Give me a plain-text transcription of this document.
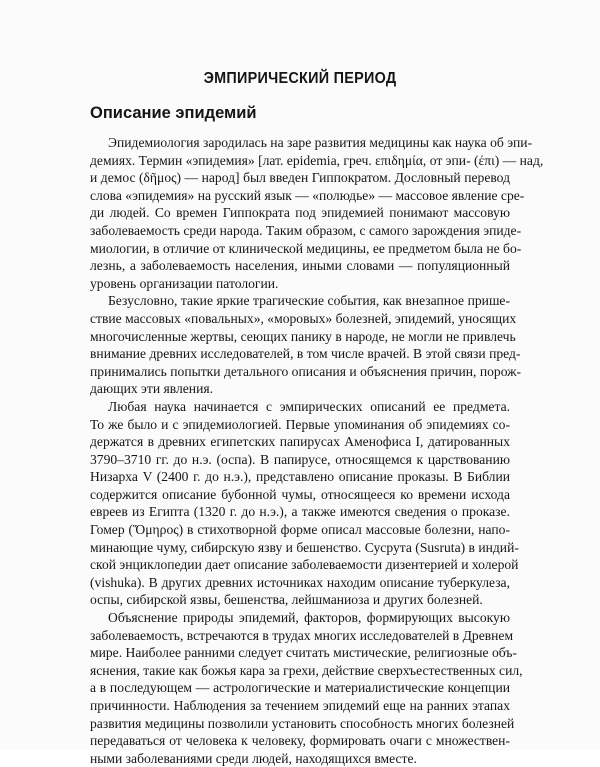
ЭМПИРИЧЕСКИЙ ПЕРИОД
Описание эпидемий
Эпидемиология зародилась на заре развития медицины как наука об эпи-
демиях. Термин «эпидемия» [лат. epidemia, греч. επιδημία, от эпи- (έπι) — над,
и демос (δῆμος) — народ] был введен Гиппократом. Дословный перевод
слова «эпидемия» на русский язык — «полюдье» — массовое явление сре-
ди людей. Со времен Гиппократа под эпидемией понимают массовую
заболеваемость среди народа. Таким образом, с самого зарождения эпиде-
миологии, в отличие от клинической медицины, ее предметом была не бо-
лезнь, а заболеваемость населения, иными словами — популяционный
уровень организации патологии.
Безусловно, такие яркие трагические события, как внезапное прише-
ствие массовых «повальных», «моровых» болезней, эпидемий, уносящих
многочисленные жертвы, сеющих панику в народе, не могли не привлечь
внимание древних исследователей, в том числе врачей. В этой связи пред-
принимались попытки детального описания и объяснения причин, порож-
дающих эти явления.
Любая наука начинается с эмпирических описаний ее предмета.
То же было и с эпидемиологией. Первые упоминания об эпидемиях со-
держатся в древних египетских папирусах Аменофиса I, датированных
3790–3710 гг. до н.э. (оспа). В папирусе, относящемся к царствованию
Низарха V (2400 г. до н.э.), представлено описание проказы. В Библии
содержится описание бубонной чумы, относящееся ко времени исхода
евреев из Египта (1320 г. до н.э.), а также имеются сведения о проказе.
Гомер (Ὅμηρος) в стихотворной форме описал массовые болезни, напо-
минающие чуму, сибирскую язву и бешенство. Сусрута (Susruta) в индий-
ской энциклопедии дает описание заболеваемости дизентерией и холерой
(vishuka). В других древних источниках находим описание туберкулеза,
оспы, сибирской язвы, бешенства, лейшманиоза и других болезней.
Объяснение природы эпидемий, факторов, формирующих высокую
заболеваемость, встречаются в трудах многих исследователей в Древнем
мире. Наиболее ранними следует считать мистические, религиозные объ-
яснения, такие как божья кара за грехи, действие сверхъестественных сил,
а в последующем — астрологические и материалистические концепции
причинности. Наблюдения за течением эпидемий еще на ранних этапах
развития медицины позволили установить способность многих болезней
передаваться от человека к человеку, формировать очаги с множествен-
ными заболеваниями среди людей, находящихся вместе.
